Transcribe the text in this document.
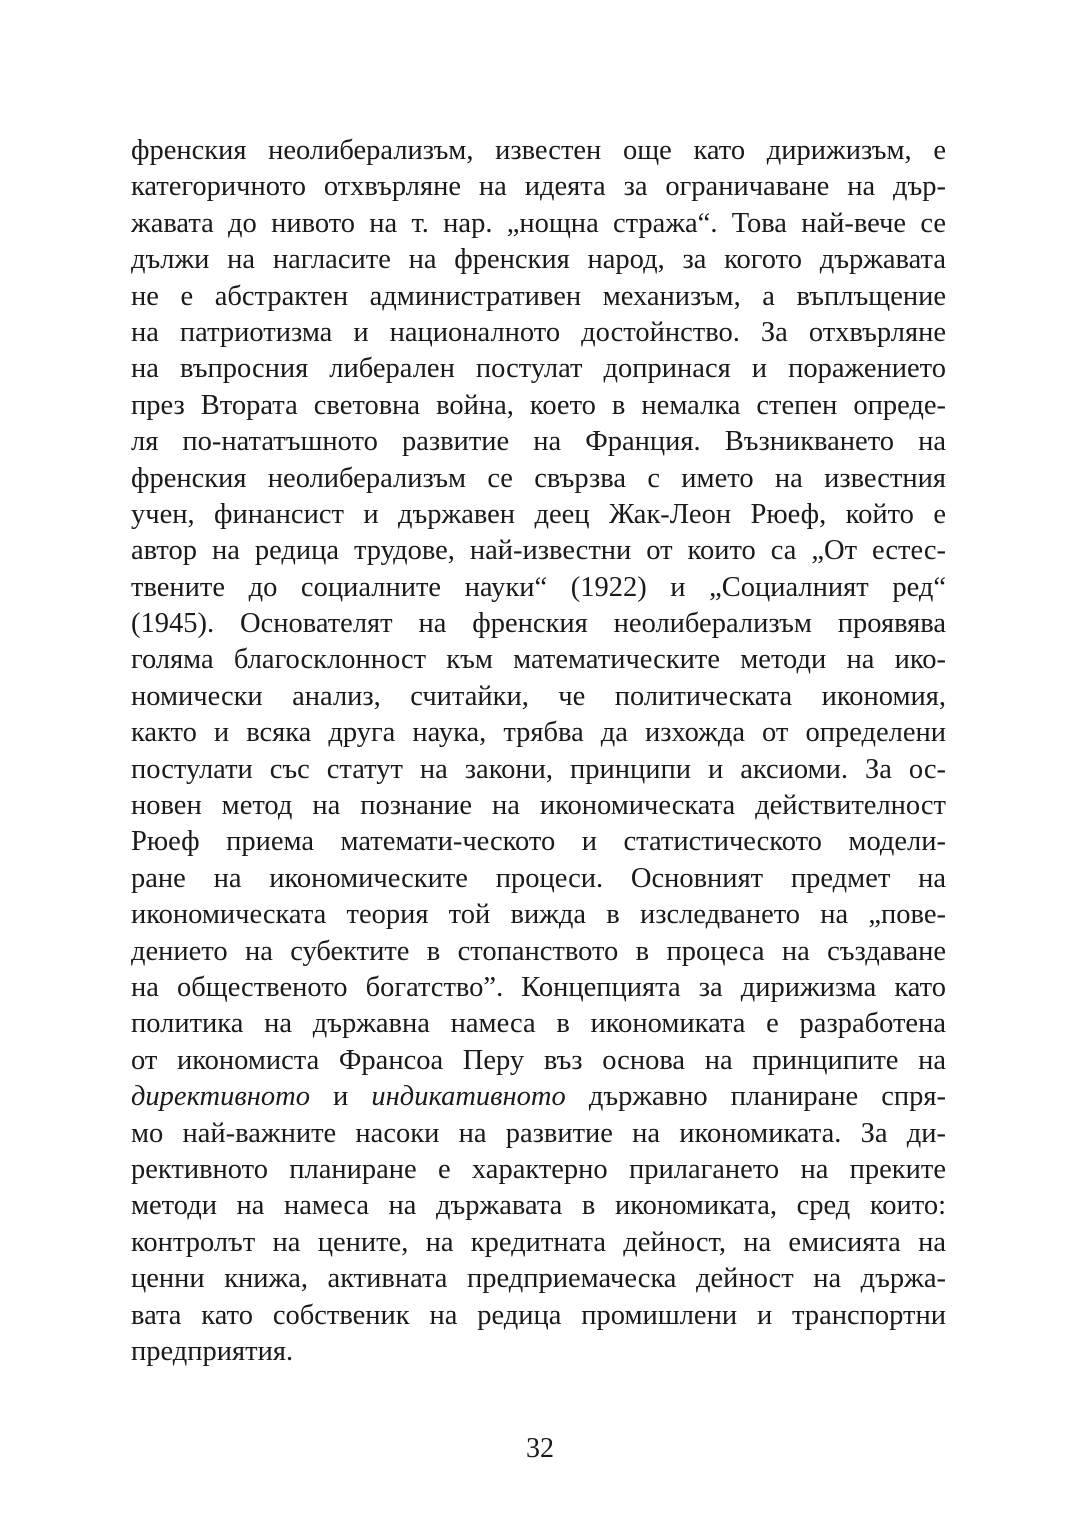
френския неолиберализъм, известен още като дирижизъм, е
категоричното отхвърляне на идеята за ограничаване на дър-
жавата до нивото на т. нар. „нощна стража“. Това най-вече се
дължи на нагласите на френския народ, за когото държавата
не е абстрактен административен механизъм, а въплъщение
на патриотизма и националното достойнство. За отхвърляне
на въпросния либерален постулат допринася и поражението
през Втората световна война, което в немалка степен опреде-
ля по-нататъшното развитие на Франция. Възникването на
френския неолиберализъм се свързва с името на известния
учен, финансист и държавен деец Жак-Леон Рюеф, който е
автор на редица трудове, най-известни от които са „От естес-
твените до социалните науки“ (1922) и „Социалният ред“
(1945). Основателят на френския неолиберализъм проявява
голяма благосклонност към математическите методи на ико-
номически анализ, считайки, че политическата икономия,
както и всяка друга наука, трябва да изхожда от определени
постулати със статут на закони, принципи и аксиоми. За ос-
новен метод на познание на икономическата действителност
Рюеф приема математи-ческото и статистическото модели-
ране на икономическите процеси. Основният предмет на
икономическата теория той вижда в изследването на „пове-
дението на субектите в стопанството в процеса на създаване
на общественото богатство”. Концепцията за дирижизма като
политика на държавна намеса в икономиката е разработена
от икономиста Франсоа Перу въз основа на принципите на
директивното и индикативното държавно планиране спря-
мо най-важните насоки на развитие на икономиката. За ди-
рективното планиране е характерно прилагането на преките
методи на намеса на държавата в икономиката, сред които:
контролът на цените, на кредитната дейност, на емисията на
ценни книжа, активната предприемаческа дейност на държа-
вата като собственик на редица промишлени и транспортни
предприятия.
32
